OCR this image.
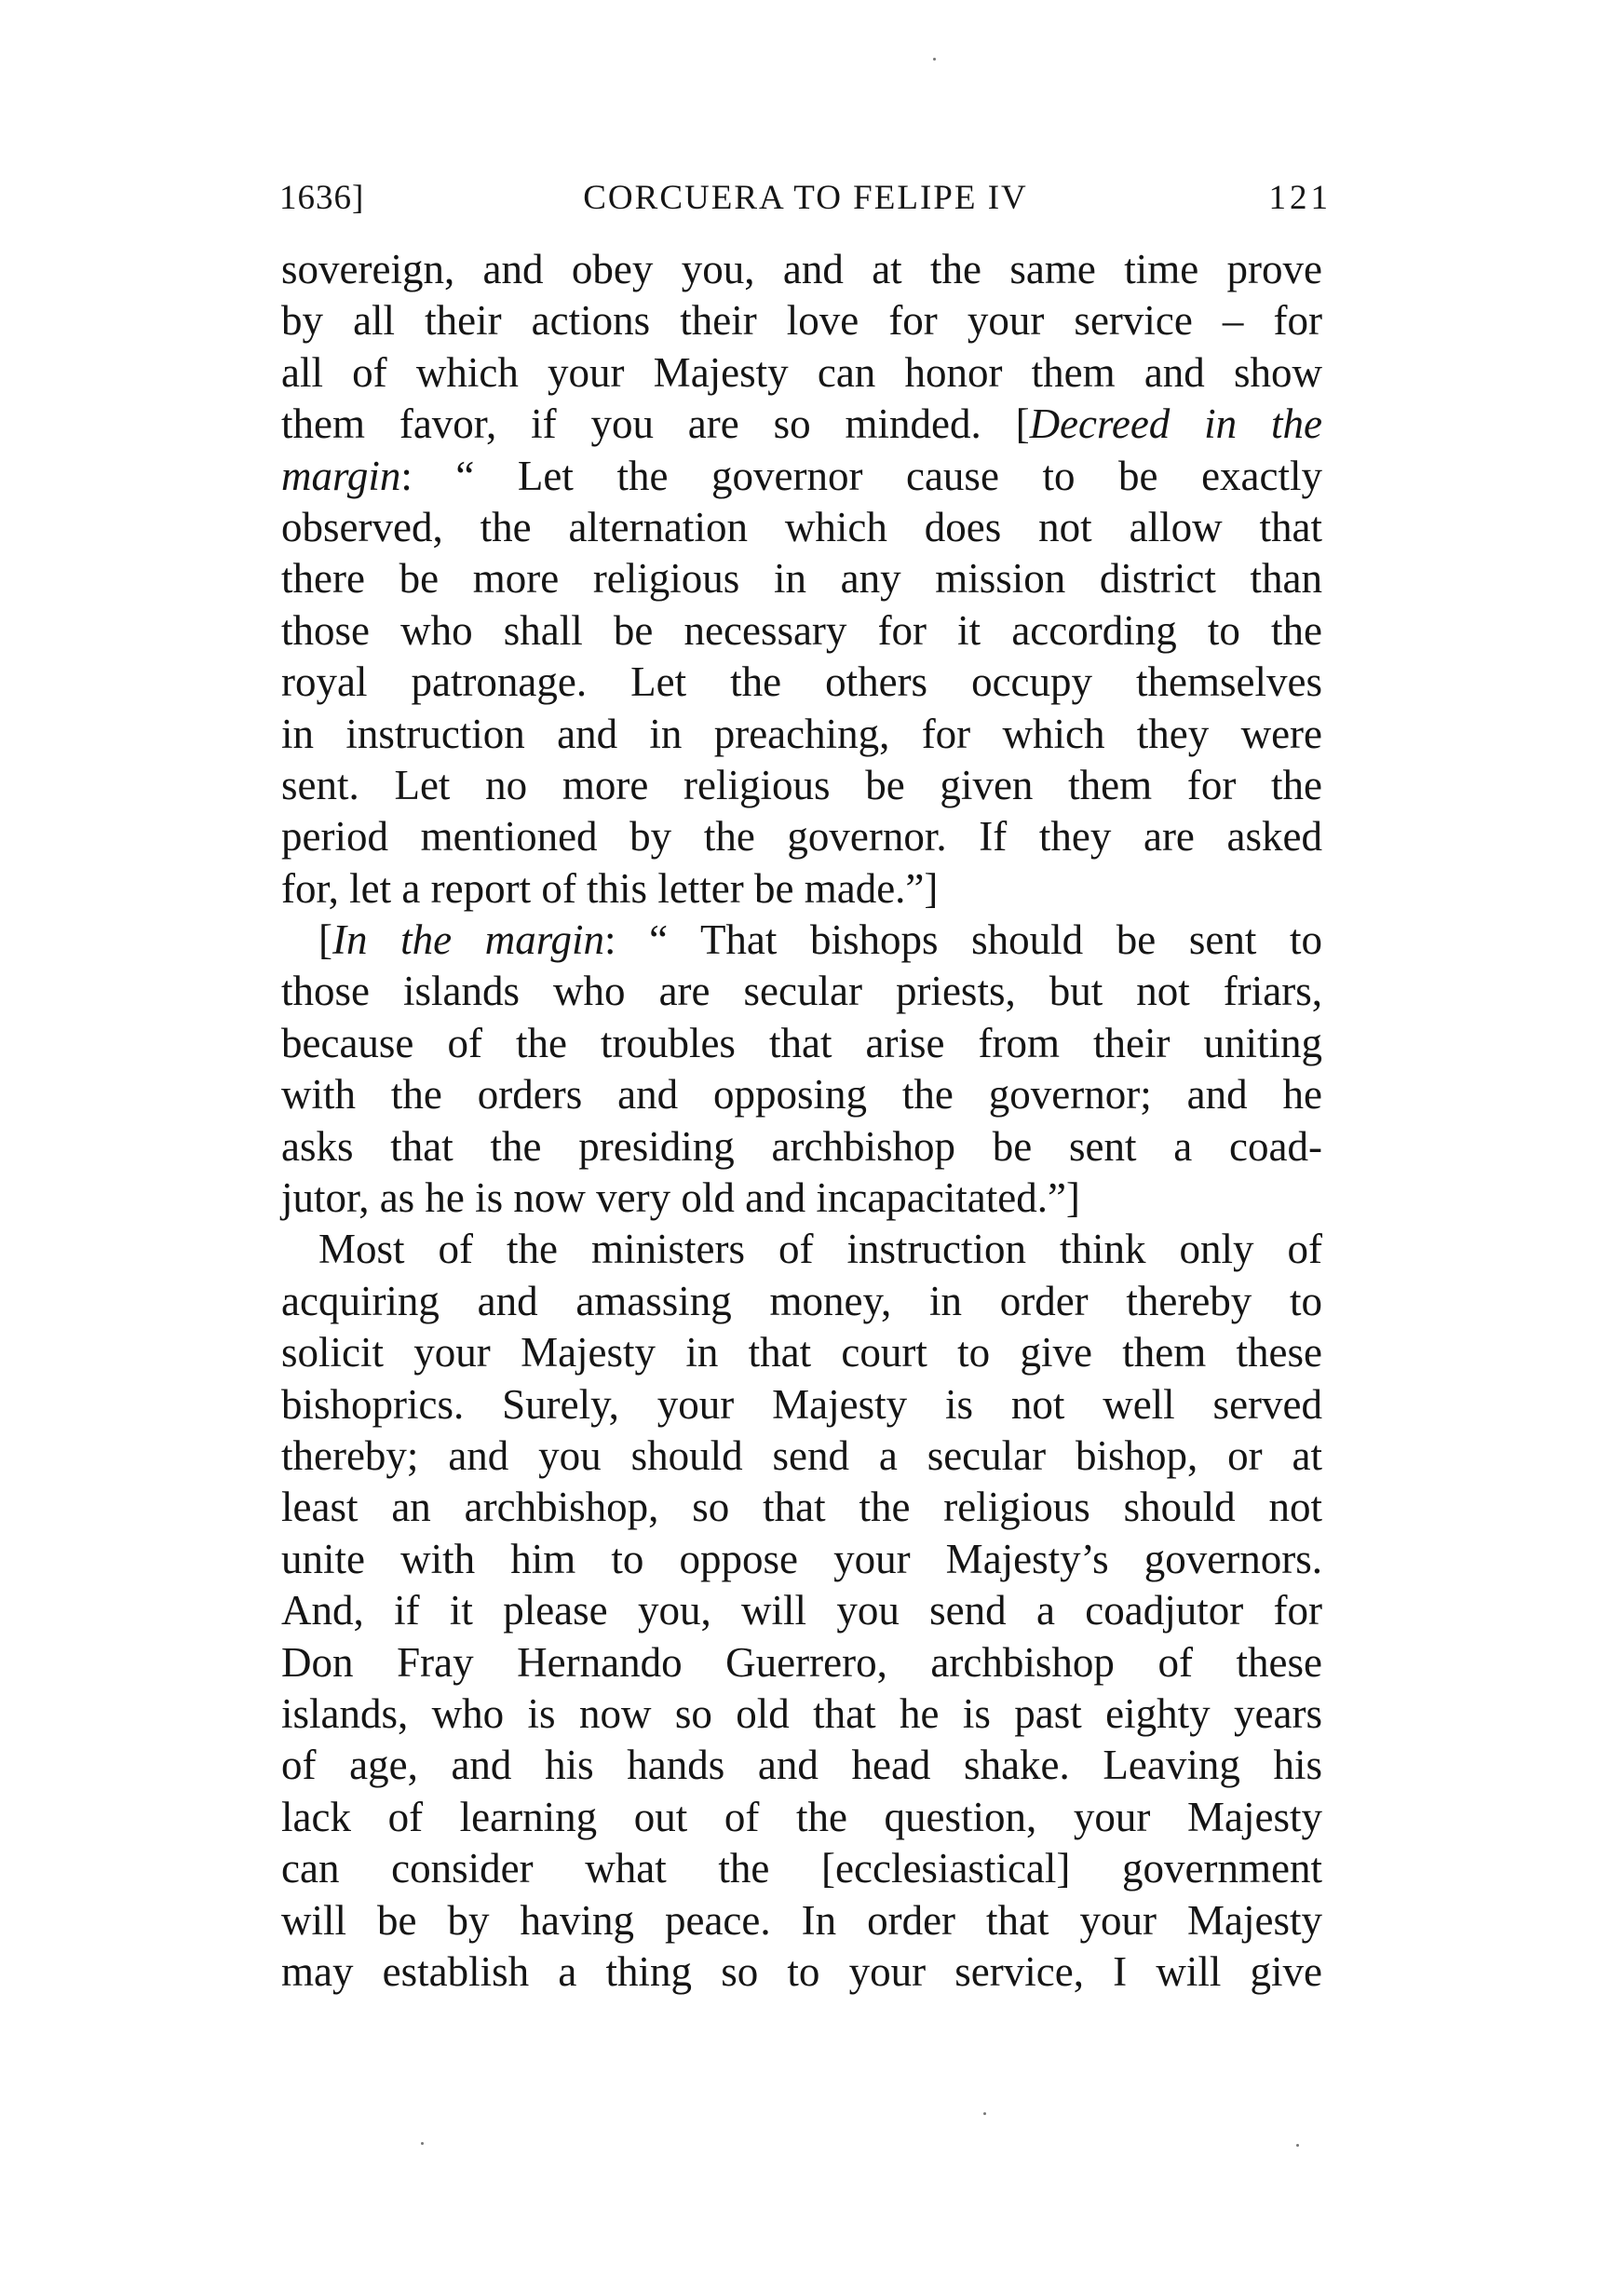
1636]	CORCUERA TO FELIPE IV	121
sovereign, and obey you, and at the same time prove
by all their actions their love for your service – for
all of which your Majesty can honor them and show
them favor, if you are so minded. [Decreed in the
margin: “ Let the governor cause to be exactly
observed, the alternation which does not allow that
there be more religious in any mission district than
those who shall be necessary for it according to the
royal patronage. Let the others occupy themselves
in instruction and in preaching, for which they were
sent. Let no more religious be given them for the
period mentioned by the governor. If they are asked
for, let a report of this letter be made.”]
[In the margin: “ That bishops should be sent to
those islands who are secular priests, but not friars,
because of the troubles that arise from their uniting
with the orders and opposing the governor; and he
asks that the presiding archbishop be sent a coad-
jutor, as he is now very old and incapacitated.”]
Most of the ministers of instruction think only of
acquiring and amassing money, in order thereby to
solicit your Majesty in that court to give them these
bishoprics. Surely, your Majesty is not well served
thereby; and you should send a secular bishop, or at
least an archbishop, so that the religious should not
unite with him to oppose your Majesty’s governors.
And, if it please you, will you send a coadjutor for
Don Fray Hernando Guerrero, archbishop of these
islands, who is now so old that he is past eighty years
of age, and his hands and head shake. Leaving his
lack of learning out of the question, your Majesty
can consider what the [ecclesiastical] government
will be by having peace. In order that your Majesty
may establish a thing so to your service, I will give
